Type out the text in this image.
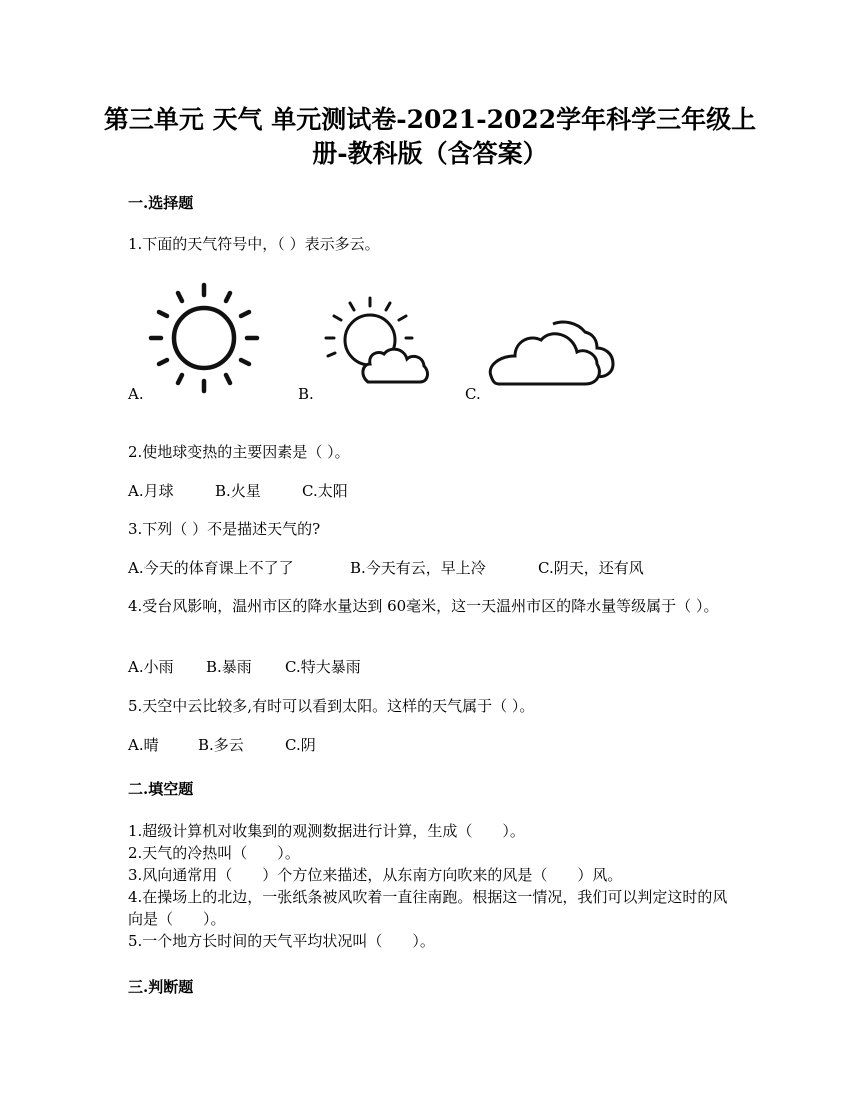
第三单元 天气 单元测试卷-2021-2022学年科学三年级上册-教科版（含答案）
一.选择题
1.下面的天气符号中，（ ）表示多云。
A.	B.	C.
2.使地球变热的主要因素是（ ）。
A.月球	B.火星	C.太阳
3.下列（ ）不是描述天气的?
A.今天的体育课上不了了	B.今天有云，早上冷	C.阴天，还有风
4.受台风影响，温州市区的降水量达到 60毫米，这一天温州市区的降水量等级属于（ ）。
A.小雨 B.暴雨 C.特大暴雨
5.天空中云比较多,有时可以看到太阳。这样的天气属于（ ）。
A.晴	B.多云	C.阴
二.填空题
1.超级计算机对收集到的观测数据进行计算，生成（　　）。
2.天气的冷热叫（　　）。
3.风向通常用（　　）个方位来描述，从东南方向吹来的风是（　　）风。
4.在操场上的北边，一张纸条被风吹着一直往南跑。根据这一情况，我们可以判定这时的风向是（　　）。
5.一个地方长时间的天气平均状况叫（　　）。
三.判断题
